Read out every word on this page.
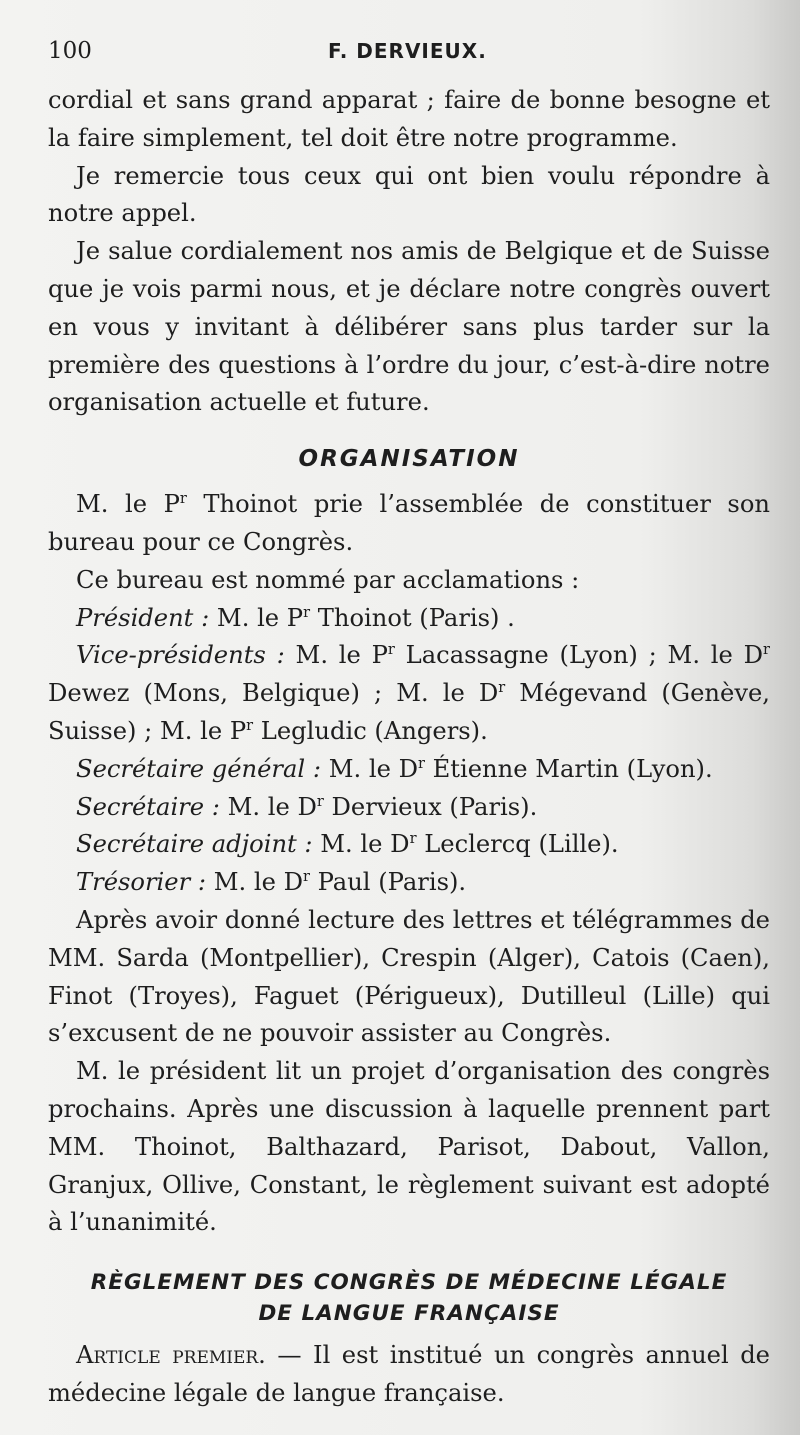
100	F. DERVIEUX.

cordial et sans grand apparat ; faire de bonne besogne et la faire simplement, tel doit être notre programme.

Je remercie tous ceux qui ont bien voulu répondre à notre appel.

Je salue cordialement nos amis de Belgique et de Suisse que je vois parmi nous, et je déclare notre congrès ouvert en vous y invitant à délibérer sans plus tarder sur la première des questions à l’ordre du jour, c’est-à-dire notre organisation actuelle et future.

ORGANISATION

M. le $P^r$ Thoinot prie l’assemblée de constituer son bureau pour ce Congrès.

Ce bureau est nommé par acclamations :

Président : M. le $P^r$ Thoinot (Paris) .

Vice-présidents : M. le $P^r$ Lacassagne (Lyon) ; M. le $D^r$ Dewez (Mons, Belgique) ; M. le $D^r$ Mégevand (Genève, Suisse) ; M. le $P^r$ Legludic (Angers).

Secrétaire général : M. le $D^r$ Étienne Martin (Lyon).

Secrétaire : M. le $D^r$ Dervieux (Paris).

Secrétaire adjoint : M. le $D^r$ Leclercq (Lille).

Trésorier : M. le $D^r$ Paul (Paris).

Après avoir donné lecture des lettres et télégrammes de MM. Sarda (Montpellier), Crespin (Alger), Catois (Caen), Finot (Troyes), Faguet (Périgueux), Dutilleul (Lille) qui s’excusent de ne pouvoir assister au Congrès.

M. le président lit un projet d’organisation des congrès prochains. Après une discussion à laquelle prennent part MM. Thoinot, Balthazard, Parisot, Dabout, Vallon, Granjux, Ollive, Constant, le règlement suivant est adopté à l’unanimité.

RÈGLEMENT DES CONGRÈS DE MÉDECINE LÉGALE
DE LANGUE FRANÇAISE

Article premier. — Il est institué un congrès annuel de médecine légale de langue française.
